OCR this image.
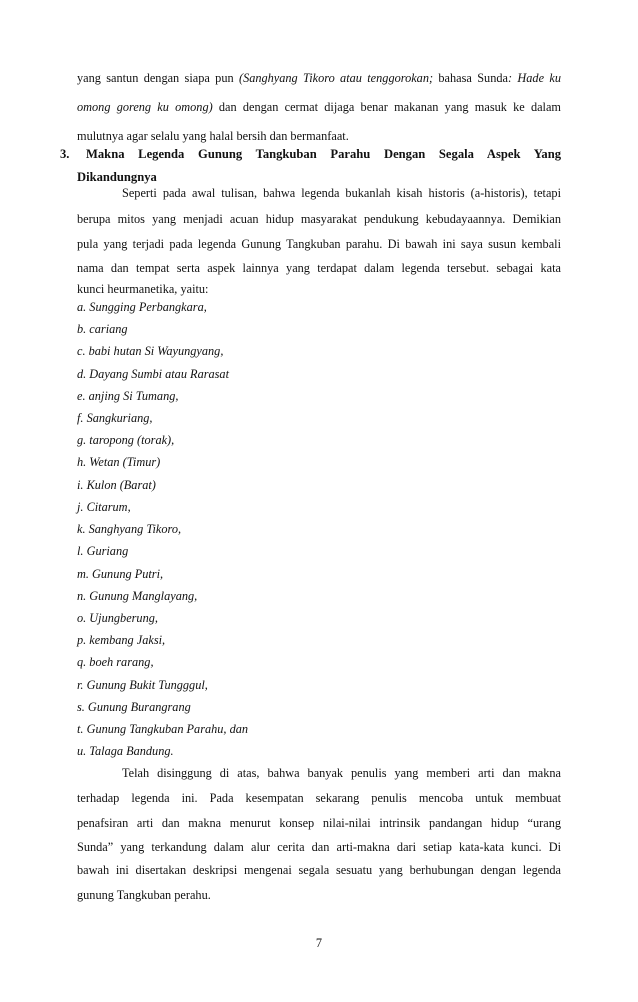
yang santun dengan siapa pun (Sanghyang Tikoro atau tenggorokan; bahasa Sunda: Hade ku
omong goreng ku omong) dan dengan cermat dijaga benar makanan yang masuk ke dalam
mulutnya agar selalu yang halal bersih dan bermanfaat.
3. Makna Legenda Gunung Tangkuban Parahu Dengan Segala Aspek Yang
Dikandungnya
Seperti pada awal tulisan, bahwa legenda bukanlah kisah historis (a-historis), tetapi
berupa mitos yang menjadi acuan hidup masyarakat pendukung kebudayaannya. Demikian
pula yang terjadi pada legenda Gunung Tangkuban parahu. Di bawah ini saya susun kembali
nama dan tempat serta aspek lainnya yang terdapat dalam legenda tersebut. sebagai kata
kunci heurmanetika, yaitu:
a. Sungging Perbangkara,
b. cariang
c. babi hutan Si Wayungyang,
d. Dayang Sumbi atau Rarasat
e. anjing Si Tumang,
f. Sangkuriang,
g. taropong (torak),
h. Wetan (Timur)
i. Kulon (Barat)
j. Citarum,
k. Sanghyang Tikoro,
l. Guriang
m. Gunung Putri,
n. Gunung Manglayang,
o. Ujungberung,
p. kembang Jaksi,
q. boeh rarang,
r. Gunung Bukit Tungggul,
s. Gunung Burangrang
t. Gunung Tangkuban Parahu, dan
u. Talaga Bandung.
Telah disinggung di atas, bahwa banyak penulis yang memberi arti dan makna
terhadap legenda ini. Pada kesempatan sekarang penulis mencoba untuk membuat
penafsiran arti dan makna menurut konsep nilai-nilai intrinsik pandangan hidup “urang
Sunda” yang terkandung dalam alur cerita dan arti-makna dari setiap kata-kata kunci. Di
bawah ini disertakan deskripsi mengenai segala sesuatu yang berhubungan dengan legenda
gunung Tangkuban perahu.
7
